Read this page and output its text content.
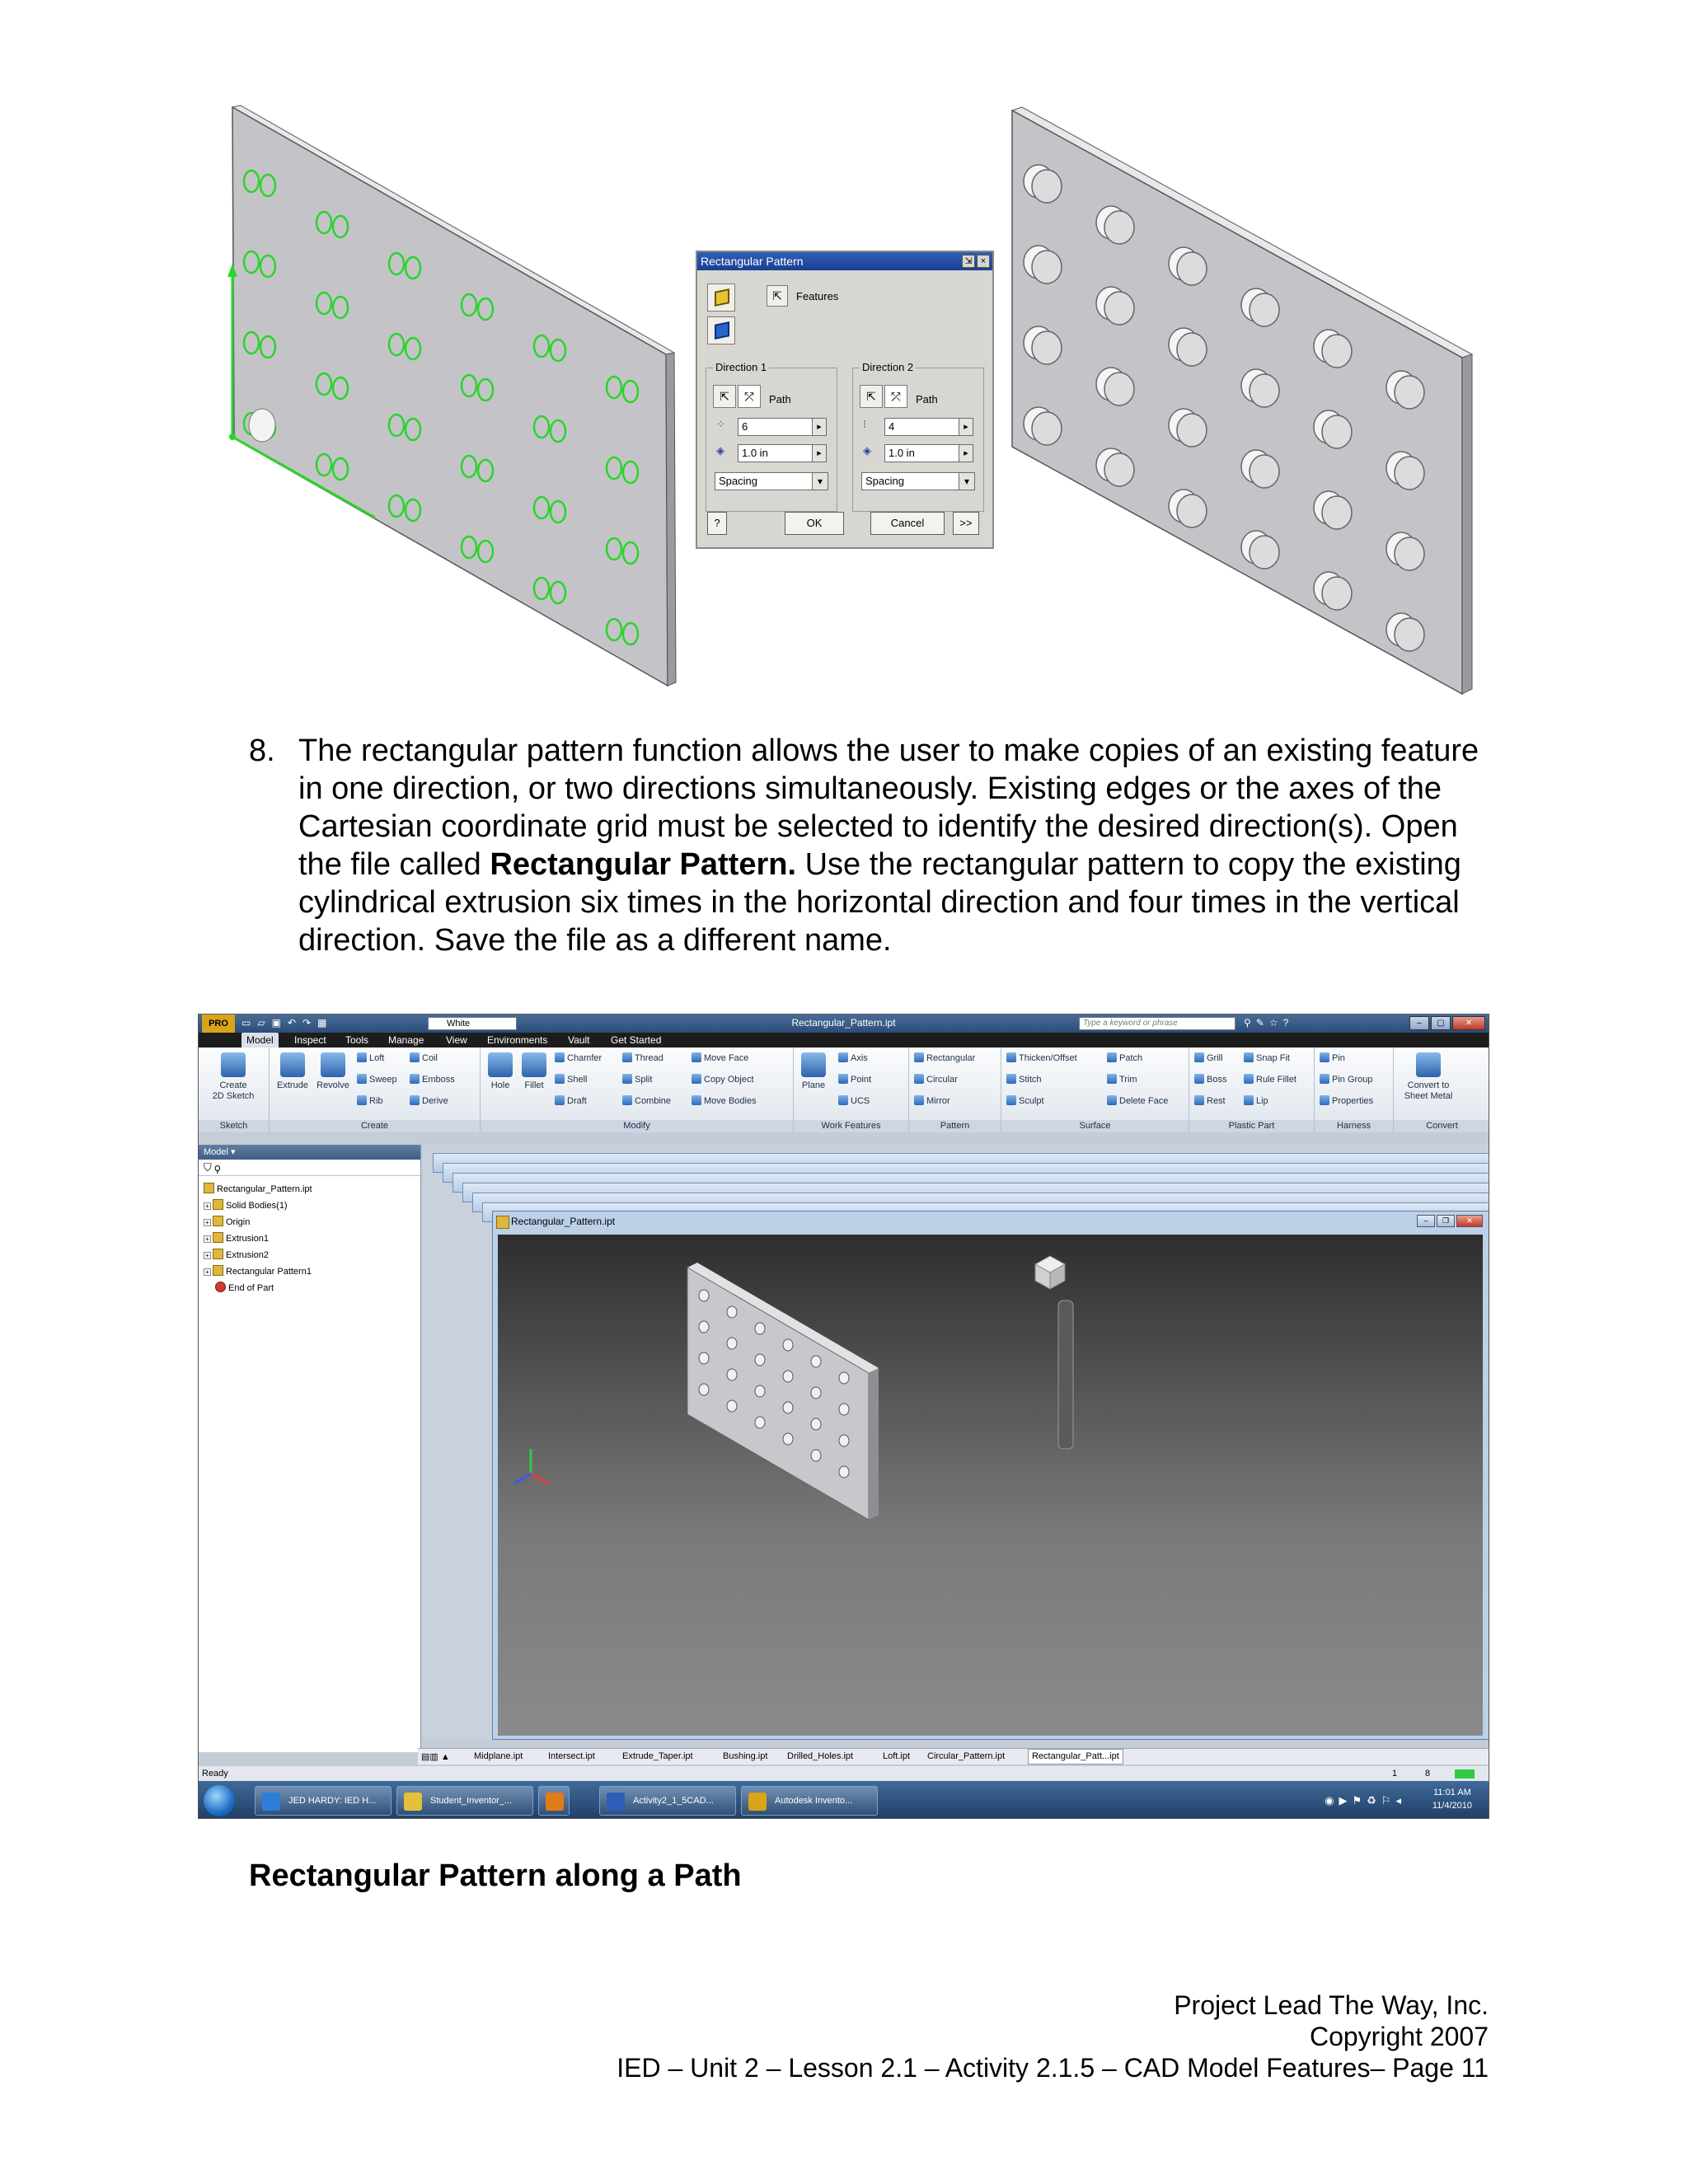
Rectangular Pattern	⇲ ×
⇱	Features
Direction 1
⇱	⤱	Path
⁘	6 ▸
◈	1.0 in ▸
Spacing ▾
Direction 2
⇱	⤱	Path
⁝	4 ▸
◈	1.0 in ▸
Spacing ▾
?	OK	Cancel	>>
8. The rectangular pattern function allows the user to make copies of an existing feature in one direction, or two directions simultaneously. Existing edges or the axes of the Cartesian coordinate grid must be selected to identify the desired direction(s). Open the file called Rectangular Pattern. Use the rectangular pattern to copy the existing cylindrical extrusion six times in the horizontal direction and four times in the vertical direction. Save the file as a different name.
PRO	▭▱▣↶↷▦	White	Rectangular_Pattern.ipt	Type a keyword or phrase	⚲✎☆?	–	▢	✕
Model	Inspect Tools Manage View Environments Vault Get Started
Create
2D Sketch
Sketch
Extrude Revolve
Loft	Coil
Sweep	Emboss
Rib	Derive
Create
Hole	Fillet
Chamfer	Thread	Move Face
Shell	Split	Copy Object
Draft	Combine	Move Bodies
Modify
Plane
Axis
Point
UCS
Work Features
Rectangular
Circular
Mirror
Pattern
Thicken/Offset	Patch
Stitch	Trim
Sculpt	Delete Face
Surface
Grill	Snap Fit
Boss	Rule Fillet
Rest	Lip
Plastic Part
Pin
Pin Group
Properties
Harness
Convert to
Sheet Metal
Convert
Model ▾
⛉ ⚲
Rectangular_Pattern.ipt
+ Solid Bodies(1)
+ Origin
+ Extrusion1
+ Extrusion2
+ Rectangular Pattern1
End of Part
Rectangular_Pattern.ipt	–	❐	✕
▤▥ ▲	Midplane.ipt	Intersect.ipt	Extrude_Taper.ipt	Bushing.ipt Drilled_Holes.ipt	Loft.ipt Circular_Pattern.ipt	Rectangular_Patt...ipt
Ready	1	8
JED HARDY: IED H...	Student_Inventor_...	Activity2_1_5CAD...	Autodesk Invento...	◉▶⚑♻⚐◂
11:01 AM
11/4/2010
Rectangular Pattern along a Path
Project Lead The Way, Inc.
Copyright 2007
IED – Unit 2 – Lesson 2.1 – Activity 2.1.5 – CAD Model Features– Page 11
